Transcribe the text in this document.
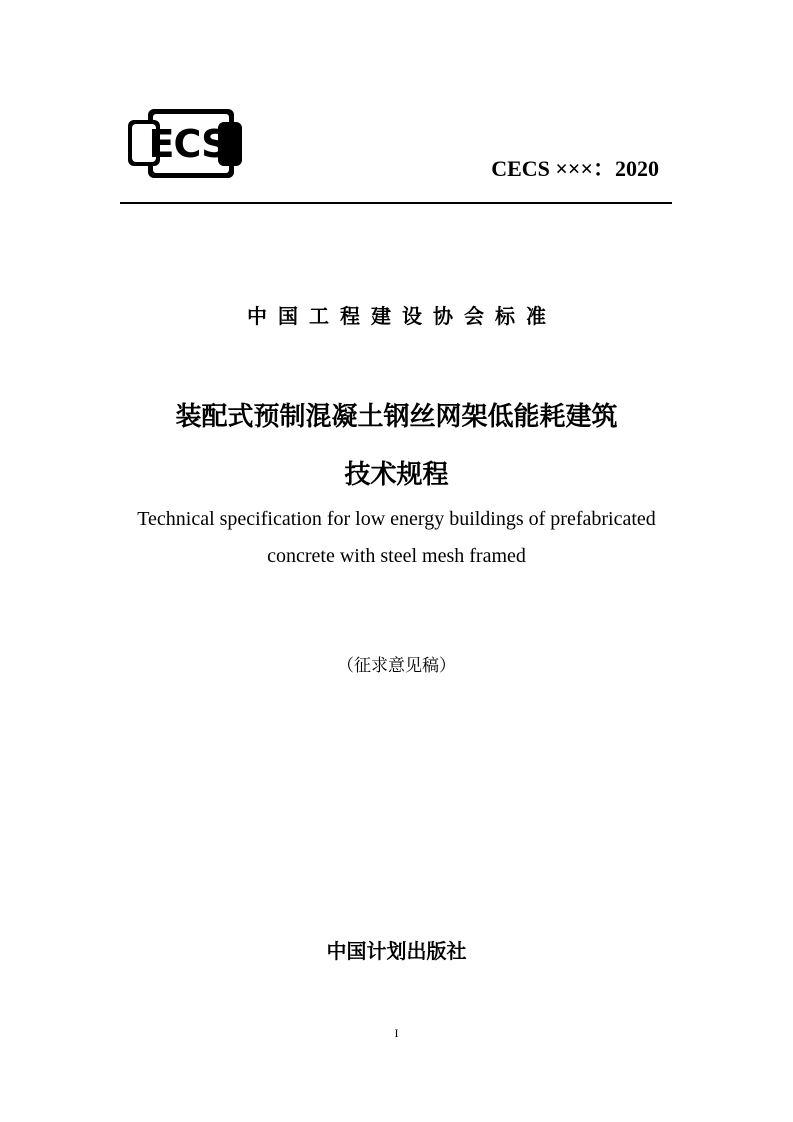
ECS
CECS ×××：2020
中国工程建设协会标准
装配式预制混凝土钢丝网架低能耗建筑
技术规程
Technical specification for low energy buildings of prefabricated
concrete with steel mesh framed
（征求意见稿）
中国计划出版社
I
